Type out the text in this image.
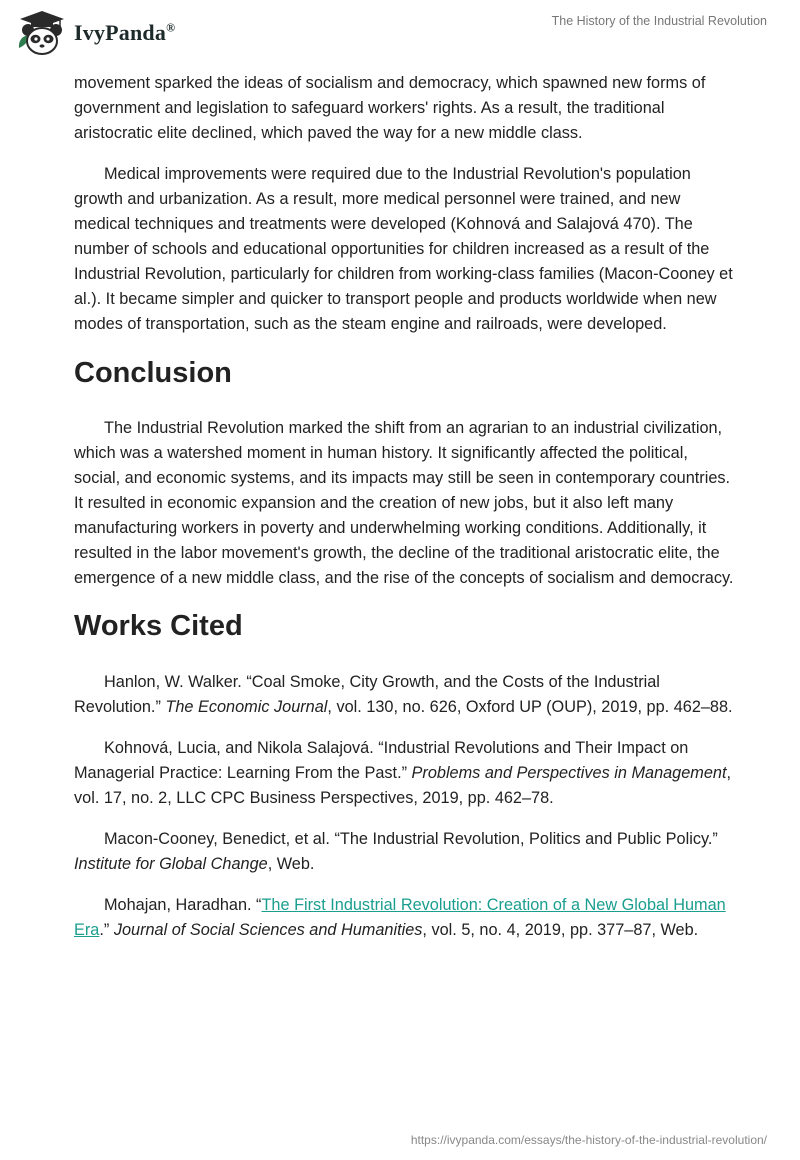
IvyPanda®	The History of the Industrial Revolution

movement sparked the ideas of socialism and democracy, which spawned new forms of government and legislation to safeguard workers' rights. As a result, the traditional aristocratic elite declined, which paved the way for a new middle class.

Medical improvements were required due to the Industrial Revolution's population growth and urbanization. As a result, more medical personnel were trained, and new medical techniques and treatments were developed (Kohnová and Salajová 470). The number of schools and educational opportunities for children increased as a result of the Industrial Revolution, particularly for children from working-class families (Macon-Cooney et al.). It became simpler and quicker to transport people and products worldwide when new modes of transportation, such as the steam engine and railroads, were developed.

Conclusion

The Industrial Revolution marked the shift from an agrarian to an industrial civilization, which was a watershed moment in human history. It significantly affected the political, social, and economic systems, and its impacts may still be seen in contemporary countries. It resulted in economic expansion and the creation of new jobs, but it also left many manufacturing workers in poverty and underwhelming working conditions. Additionally, it resulted in the labor movement's growth, the decline of the traditional aristocratic elite, the emergence of a new middle class, and the rise of the concepts of socialism and democracy.

Works Cited

Hanlon, W. Walker. “Coal Smoke, City Growth, and the Costs of the Industrial Revolution.” The Economic Journal, vol. 130, no. 626, Oxford UP (OUP), 2019, pp. 462–88.

Kohnová, Lucia, and Nikola Salajová. “Industrial Revolutions and Their Impact on Managerial Practice: Learning From the Past.” Problems and Perspectives in Management, vol. 17, no. 2, LLC CPC Business Perspectives, 2019, pp. 462–78.

Macon-Cooney, Benedict, et al. “The Industrial Revolution, Politics and Public Policy.” Institute for Global Change, Web.

Mohajan, Haradhan. “The First Industrial Revolution: Creation of a New Global Human Era.” Journal of Social Sciences and Humanities, vol. 5, no. 4, 2019, pp. 377–87, Web.

https://ivypanda.com/essays/the-history-of-the-industrial-revolution/
